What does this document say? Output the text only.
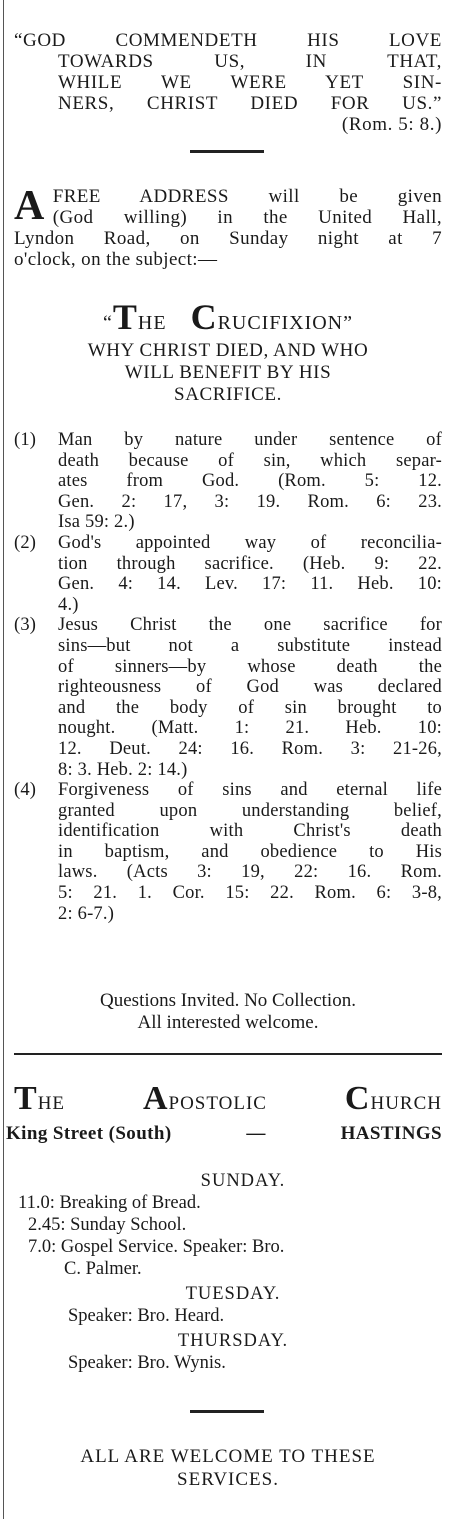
“GOD COMMENDETH HIS LOVE
TOWARDS US, IN THAT,
WHILE WE WERE YET SIN-
NERS, CHRIST DIED FOR US.”
(Rom. 5: 8.)
A FREE ADDRESS will be given
(God willing) in the United Hall,
Lyndon Road, on Sunday night at 7
o'clock, on the subject:—
“THE CRUCIFIXION”
WHY CHRIST DIED, AND WHO
WILL BENEFIT BY HIS
SACRIFICE.
(1)	Man by nature under sentence of
death because of sin, which separ-
ates from God. (Rom. 5: 12.
Gen. 2: 17, 3: 19. Rom. 6: 23.
Isa 59: 2.)
(2)	God's appointed way of reconcilia-
tion through sacrifice. (Heb. 9: 22.
Gen. 4: 14. Lev. 17: 11. Heb. 10:
4.)
(3)	Jesus Christ the one sacrifice for
sins—but not a substitute instead
of sinners—by whose death the
righteousness of God was declared
and the body of sin brought to
nought. (Matt. 1: 21. Heb. 10:
12. Deut. 24: 16. Rom. 3: 21-26,
8: 3. Heb. 2: 14.)
(4)	Forgiveness of sins and eternal life
granted upon understanding belief,
identification with Christ's death
in baptism, and obedience to His
laws. (Acts 3: 19, 22: 16. Rom.
5: 21. 1. Cor. 15: 22. Rom. 6: 3-8,
2: 6-7.)
Questions Invited. No Collection.
All interested welcome.
THE APOSTOLIC CHURCH
King Street (South)	—	HASTINGS
SUNDAY.
11.0: Breaking of Bread.
2.45: Sunday School.
7.0: Gospel Service. Speaker: Bro.
C. Palmer.
TUESDAY.
Speaker: Bro. Heard.
THURSDAY.
Speaker: Bro. Wynis.
ALL ARE WELCOME TO THESE
SERVICES.
